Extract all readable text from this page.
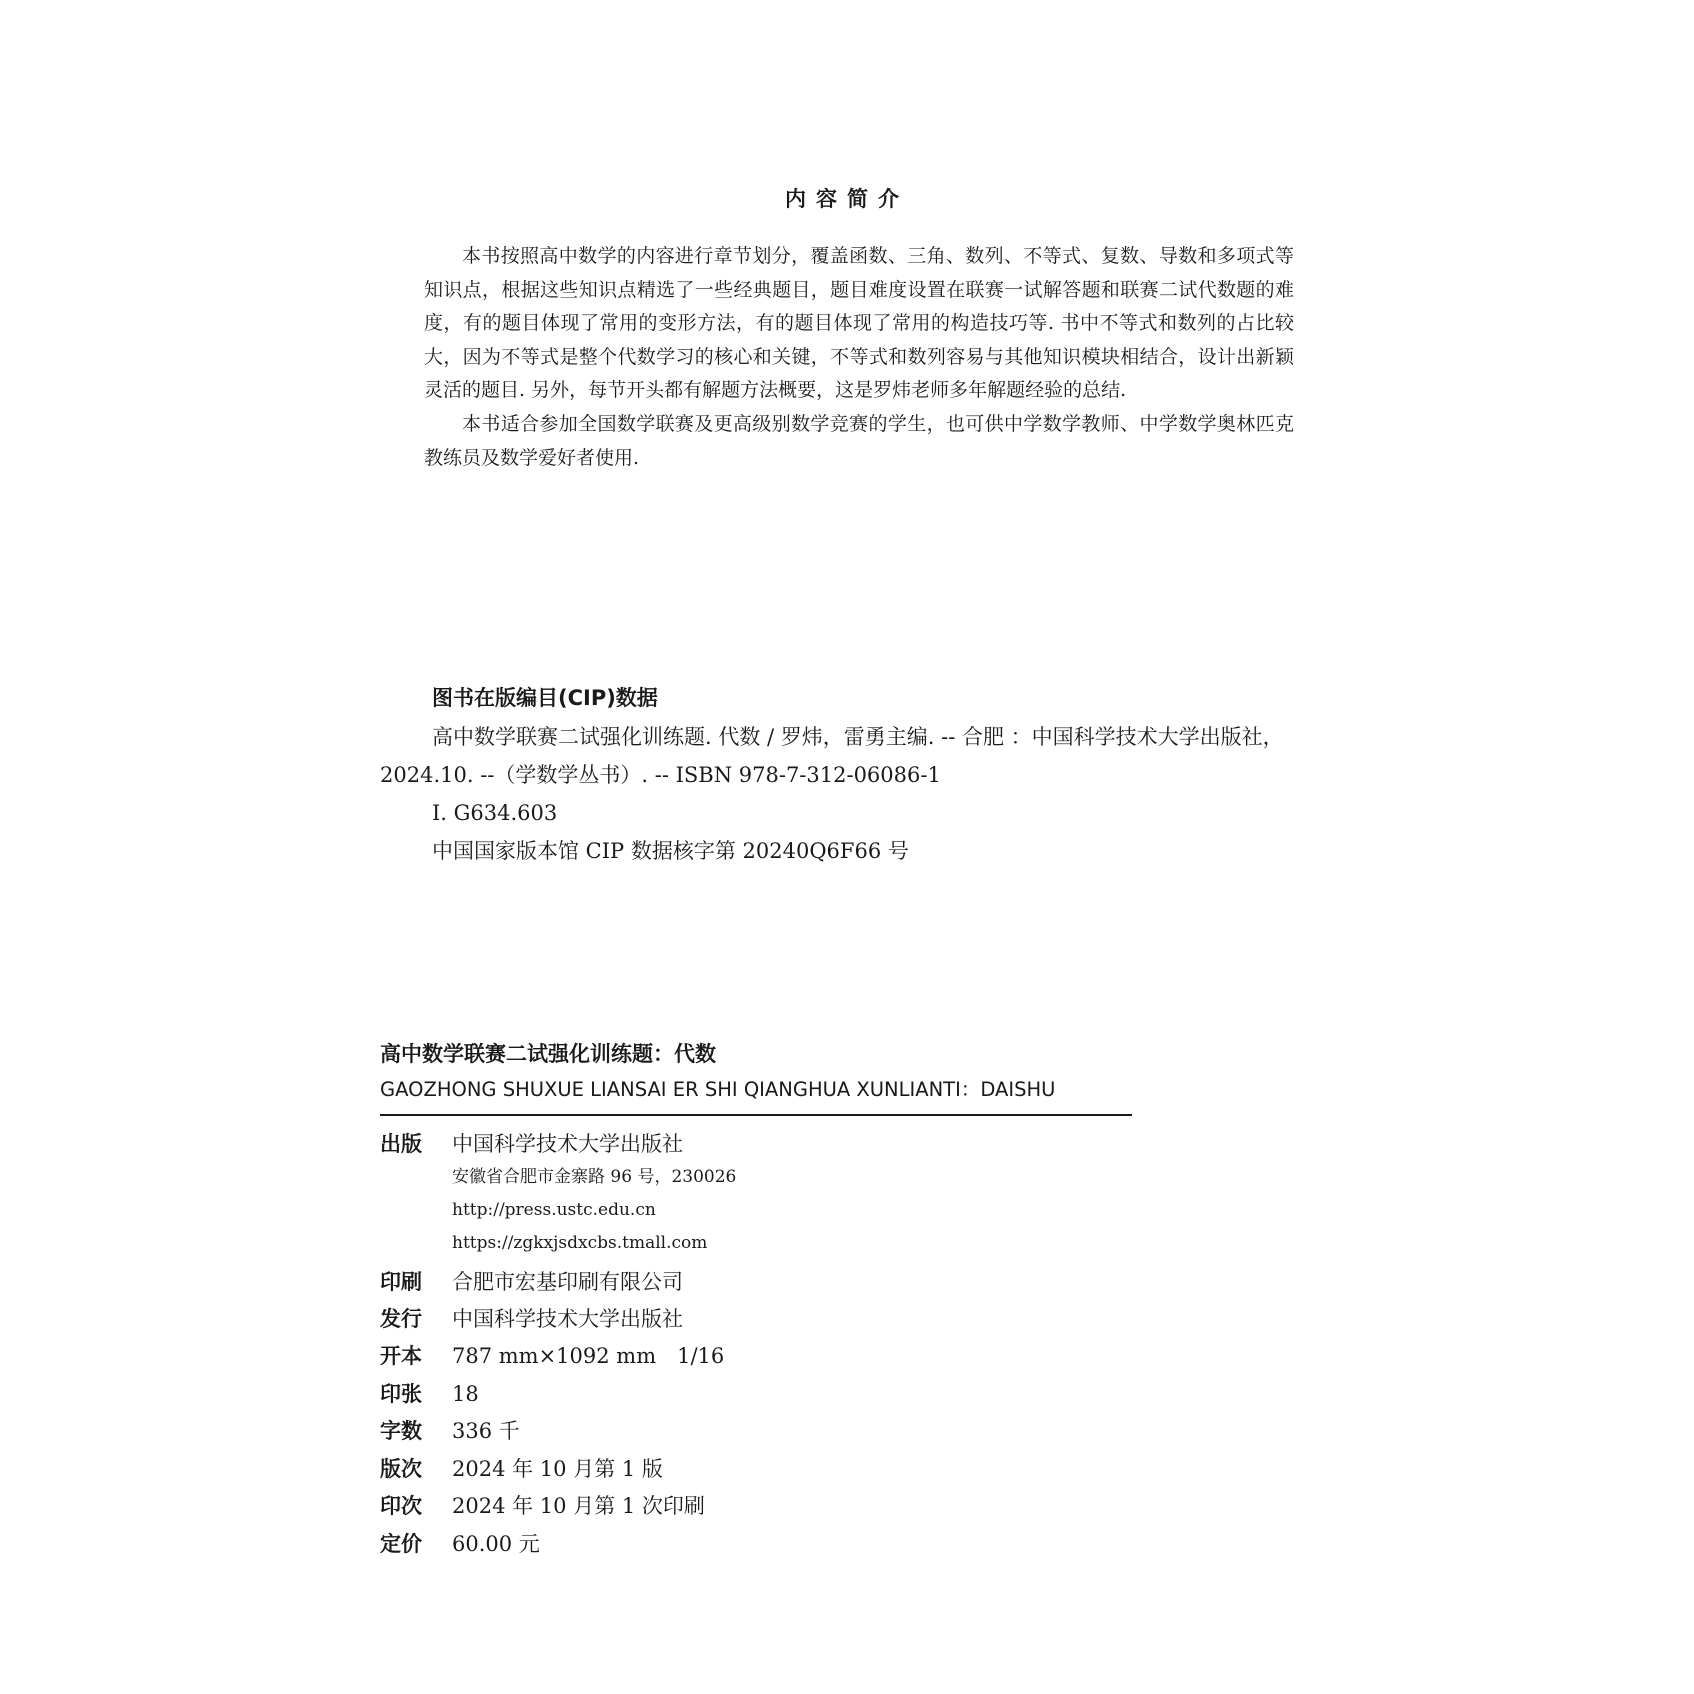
内容简介

本书按照高中数学的内容进行章节划分，覆盖函数、三角、数列、不等式、复数、导数和多项式等知识点，根据这些知识点精选了一些经典题目，题目难度设置在联赛一试解答题和联赛二试代数题的难度，有的题目体现了常用的变形方法，有的题目体现了常用的构造技巧等. 书中不等式和数列的占比较大，因为不等式是整个代数学习的核心和关键，不等式和数列容易与其他知识模块相结合，设计出新颖灵活的题目. 另外，每节开头都有解题方法概要，这是罗炜老师多年解题经验的总结.

本书适合参加全国数学联赛及更高级别数学竞赛的学生，也可供中学数学教师、中学数学奥林匹克教练员及数学爱好者使用.

图书在版编目(CIP)数据

高中数学联赛二试强化训练题. 代数 / 罗炜，雷勇主编. -- 合肥 ：中国科学技术大学出版社，2024.10. --（学数学丛书）. -- ISBN 978-7-312-06086-1

Ⅰ. G634.603

中国国家版本馆 CIP 数据核字第 20240Q6F66 号

高中数学联赛二试强化训练题：代数
GAOZHONG SHUXUE LIANSAI ER SHI QIANGHUA XUNLIANTI：DAISHU
出版 中国科学技术大学出版社
安徽省合肥市金寨路 96 号，230026
http://press.ustc.edu.cn
https://zgkxjsdxcbs.tmall.com
印刷 合肥市宏基印刷有限公司
发行 中国科学技术大学出版社
开本 787 mm×1092 mm　1/16
印张 18
字数 336 千
版次 2024 年 10 月第 1 版
印次 2024 年 10 月第 1 次印刷
定价 60.00 元
